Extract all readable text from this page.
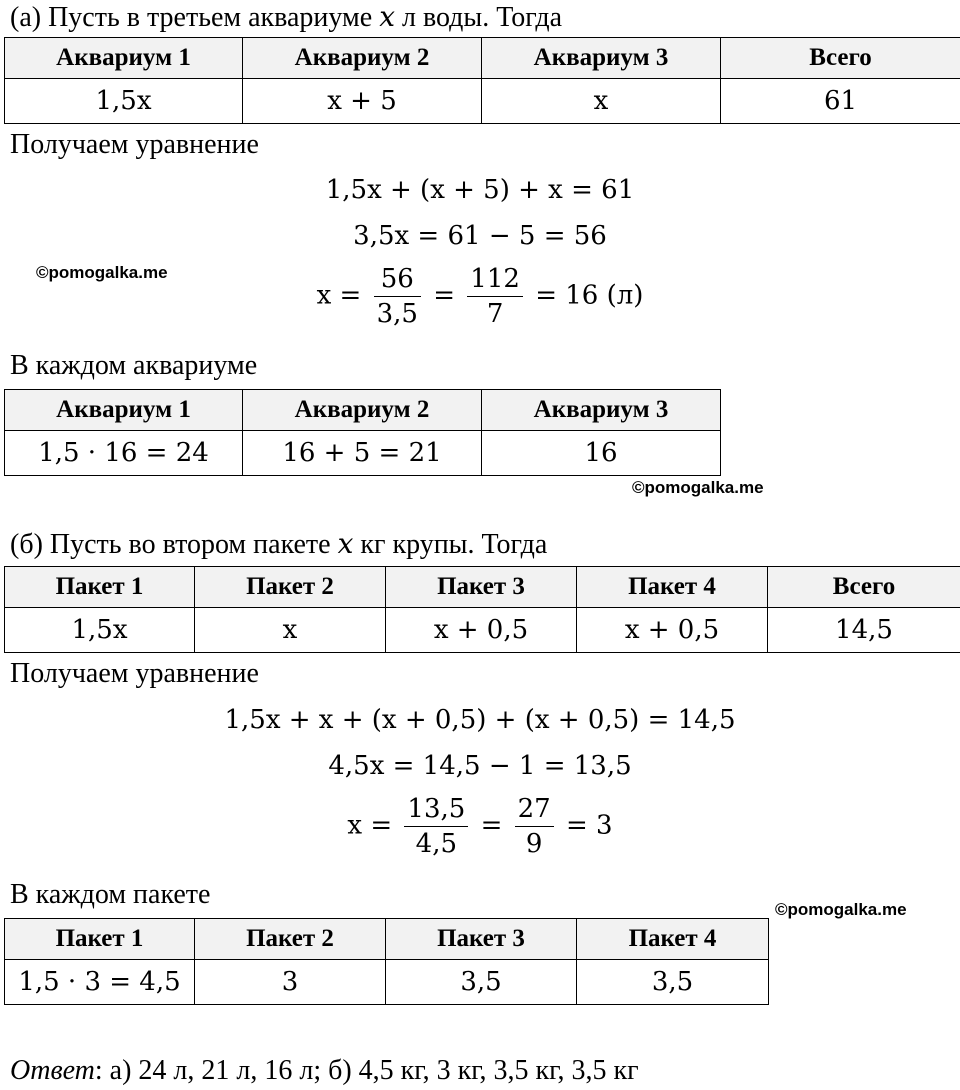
(а) Пусть в третьем аквариуме x л воды. Тогда
Аквариум 1	Аквариум 2	Аквариум 3	Всего
1,5x	x + 5	x	61
Получаем уравнение
1,5x + (x + 5) + x = 61
3,5x = 61 − 5 = 56
$x = \frac{56}{3,5} = \frac{112}{7} = 16$ (л)
©pomogalka.me
В каждом аквариуме
Аквариум 1	Аквариум 2	Аквариум 3
1,5 · 16 = 24	16 + 5 = 21	16
©pomogalka.me
(б) Пусть во втором пакете x кг крупы. Тогда
Пакет 1	Пакет 2	Пакет 3	Пакет 4	Всего
1,5x	x	x + 0,5	x + 0,5	14,5
Получаем уравнение
1,5x + x + (x + 0,5) + (x + 0,5) = 14,5
4,5x = 14,5 − 1 = 13,5
$x = \frac{13,5}{4,5} = \frac{27}{9} = 3$
В каждом пакете	©pomogalka.me
Пакет 1	Пакет 2	Пакет 3	Пакет 4
1,5 · 3 = 4,5	3	3,5	3,5
Ответ: а) 24 л, 21 л, 16 л; б) 4,5 кг, 3 кг, 3,5 кг, 3,5 кг
